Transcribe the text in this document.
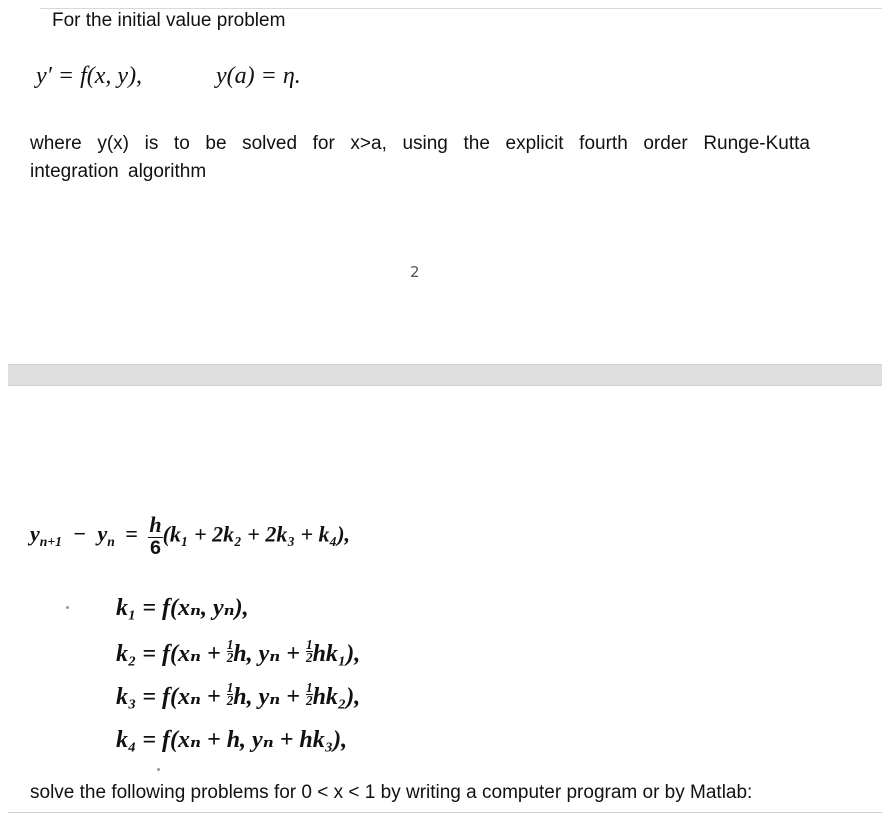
For the initial value problem
y′ = f(x, y),	y(a) = η.
where y(x) is to be solved for x>a, using the explicit fourth order Runge-Kutta integration algorithm
2
$y_{n+1} - y_n = \frac{h}{6} (k_1 + 2k_2 + 2k_3 + k_4)$,
k₁ = f(xₙ, yₙ),
$k_2 = f(x_n + \frac{1}{2} h$, $y_n + \frac{1}{2} hk_1$),
$k_3 = f(x_n + \frac{1}{2} h$, $y_n + \frac{1}{2} hk_2$),
k₄ = f(xₙ + h, yₙ + hk₃),
solve the following problems for 0 < x < 1 by writing a computer program or by Matlab:
